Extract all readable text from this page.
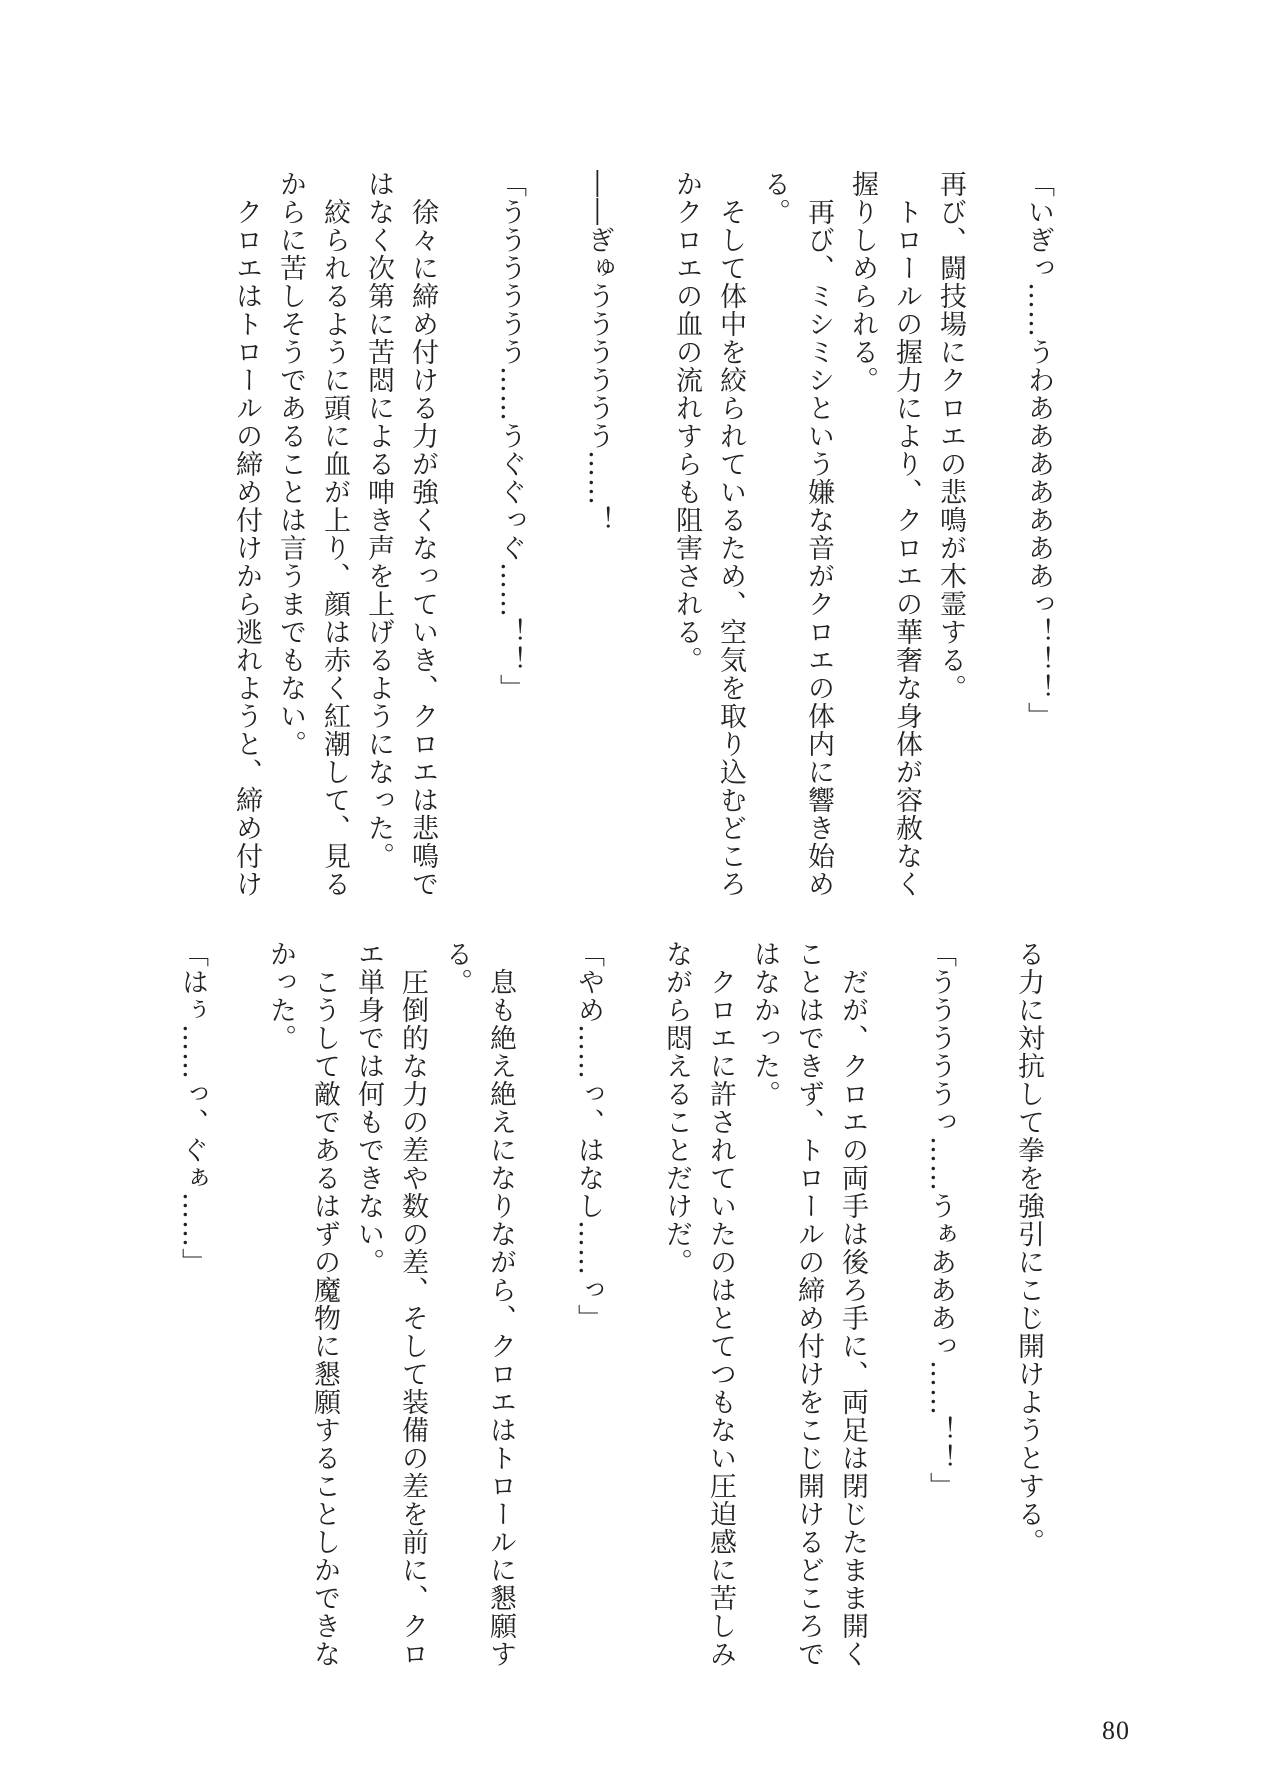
「いぎっ……うわあああああああっ！！！」

再び、闘技場にクロエの悲鳴が木霊する。
　トロールの握力により、クロエの華奢な身体が容赦なく
握りしめられる。
　再び、ミシミシという嫌な音がクロエの体内に響き始め
る。
　そして体中を絞られているため、空気を取り込むどころ
かクロエの血の流れすらも阻害される。

――ぎゅうううううう……！

「うううううう……うぐぐっぐ……！！」

　徐々に締め付ける力が強くなっていき、クロエは悲鳴で
はなく次第に苦悶による呻き声を上げるようになった。
　絞られるように頭に血が上り、顔は赤く紅潮して、見る
からに苦しそうであることは言うまでもない。
　クロエはトロールの締め付けから逃れようと、締め付け
る力に対抗して拳を強引にこじ開けようとする。

「うううううっ……うぁあああっ……！！」

　だが、クロエの両手は後ろ手に、両足は閉じたまま開く
ことはできず、トロールの締め付けをこじ開けるどころで
はなかった。
　クロエに許されていたのはとてつもない圧迫感に苦しみ
ながら悶えることだけだ。

「やめ……っ、はなし……っ」

　息も絶え絶えになりながら、クロエはトロールに懇願す
る。
　圧倒的な力の差や数の差、そして装備の差を前に、クロ
エ単身では何もできない。
　こうして敵であるはずの魔物に懇願することしかできな
かった。

「はぅ……っ、ぐぁ……」
80
